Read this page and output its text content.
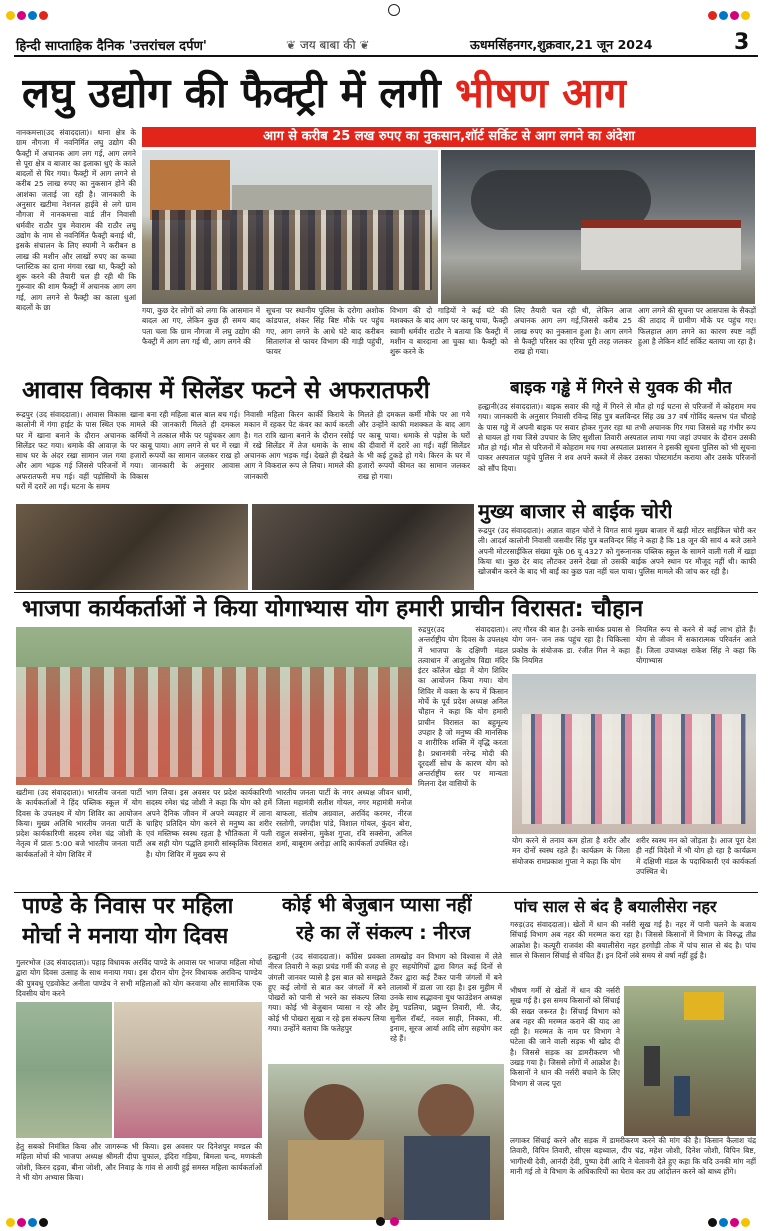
हिन्दी साप्ताहिक दैनिक 'उत्तरांचल दर्पण'	❦ जय बाबा की ❦	ऊधमसिंहनगर,शुक्रवार,21 जून 2024	3
लघु उद्योग की फैक्ट्री में लगी भीषण आग
आग से करीब 25 लख रुपए का नुकसान,शॉर्ट सर्किट से आग लगने का अंदेशा
नानकमत्ता(उद संवाददाता)। थाना क्षेत्र के ग्राम नौगजा में नवनिर्मित लघु उद्योग की फैक्ट्री में अचानक आग लग गई, आग लगने से पूरा क्षेत्र व बाजार का इलाका धुएं के काले बादलों से घिर गया। फैक्ट्री में आग लगने से करीब 25 लाख रुपए का नुकसान होने की आशंका जताई जा रही है। जानकारी के अनुसार खटीमा नेशनल हाईवे से लगे ग्राम नौगजा में नानकमत्ता वार्ड तीन निवासी धर्मवीर राठौर पुत्र मेवाराम की राठौर लघु उद्योग के नाम से नवनिर्मित फैक्ट्री बनाई थी, इसके संचालन के लिए स्यामी ने करीबन 8 लाख की मशीन और लाखों रुपए का कच्चा प्लास्टिक का दाना मंगवा रखा था, फैक्ट्री को शुरू करने की तैयारी चल ही रही थी कि गुरूवार की शाम फैक्ट्री में अचानक आग लग गई, आग लगने से फैक्ट्री का काला धुआं बादलों के छा	गया, कुछ देर लोगों को लगा कि आसमान में बादल आ गए, लेकिन कुछ ही समय बाद पता चला कि ग्राम नौगजा में लघु उद्योग की फैक्ट्री में आग लग गई थी, आग लगने की
सूचना पर स्थानीय पुलिस के दरोगा अशोक कांडपाल, शंकर सिंह बिष्ट मौके पर पहुंच गए, आग लगने के आधे घंटे बाद करीबन सितारगंज से फायर विभाग की गाड़ी पहुंची, फायर
विभाग की दो गाड़ियों ने कई घंटे की मशक्कत के बाद आग पर काबू पाया, फैक्ट्री स्वामी धर्मवीर राठौर ने बताया कि फैक्ट्री में मशीन व बारदाना आ चुका था। फैक्ट्री को शुरू करने के
लिए तैयारी चल रही थी, लेकिन आज अचानक आग लग गई,जिससे करीब 25 लाख रुपए का नुकसान हुआ है। आग लगने से फैक्ट्री परिसर का एरिया पूरी तरह जलकर राख हो गया।
आग लगने की सूचना पर आसपास के सैकड़ों की तादाद में ग्रामीण मौके पर पहुंच गए। फिलहाल आग लगने का कारण स्पष्ट नहीं हुआ है लेकिन शॉर्ट सर्किट बताया जा रहा है।
आवास विकास में सिलेंडर फटने से अफरातफरी
रूद्रपुर (उद संवाददाता)। आवास विकास कालोनी में गंगा हाईट के पास स्थित एक घर में खाना बनाने के दौरान अचानक सिलेंडर फट गया। धमाके की आवाज़ के साथ घर के अंदर रखा सामान जल गया और आग भड़क गई जिससे परिजनों में अफरातफरी मच गई। वहीं पड़ोसियों के घरों में दरारें आ गईं। घटना के समय
खाना बना रही महिला बाल बाल बच गई। मामले की जानकारी मिलते ही दमकल कर्मियों ने तत्काल मौके पर पहुंचकर आग पर काबू पाया। आग लगने से घर में रखा हजारों रूपयों का सामान जलकर राख हो गया। जानकारी के अनुसार आवास विकास
निवासी महिला किरन कार्की किराये के मकान में रहकर पेट कंवर का कार्य करती है। गत रात्रि खाना बनाने के दौरान रसोई में रखे सिलेंडर में तेज धमाके के साथ अचानक आग भड़क गई। देखते ही देखते आग ने विकराल रूप ले लिया। मामले की जानकारी
मिलते ही दमकल कर्मी मौके पर आ गये और उन्होंने काफी मशक्कत के बाद आग पर काबू पाया। धमाके से पड़ोस के घरों की दीवारों में दरारें आ गईं। वहीं सिलेंडर के भी कई टुकड़े हो गये। किरन के घर में हजारों रूपयों कीमत का सामान जलकर राख हो गया।
बाइक गड्ढे में गिरने से युवक की मौत
हल्द्वानी(उद संवाददाता)। बाइक सवार की गड्ढे में गिरने से मौत हो गई घटना से परिजनों में कोहराम मच गया। जानकारी के अनुसार निवासी रविन्द्र सिंह पुत्र बलविन्दर सिंह उम्र 37 वर्ष गोविंद बल्लभ पंत चौराहे के पास गड्ढे में अपनी बाइक पर सवार होकर गुजर रहा था तभी अचानक गिर गया जिससे वह गंभीर रूप से घायल हो गया जिसे उपचार के लिए सुशीला तिवारी अस्पताल लाया गया जहां उपचार के दौरान उसकी मौत हो गई। मौत से परिजनों में कोहराम मच गया अस्पताल प्रशासन ने इसकी सूचना पुलिस को भी सूचना पाकर अस्पताल पहुंचे पुलिस ने शव अपने कब्जे में लेकर उसका पोस्टमार्टम कराया और उसके परिजनों को सौंप दिया।
मुख्य बाजार से बाईक चोरी
रूद्रपुर (उद संवाददाता)। अज्ञात वाहन चोरों ने विगत सायं मुख्य बाजार में खड़ी मोटर साईकिल चोरी कर ली। आदर्श कालोनी निवासी जसवीर सिंह पुत्र बलविन्दर सिंह ने कहा है कि 18 जून की सायं 4 बजे उसने अपनी मोटरसाईकिल संख्या यूके 06 यू 4327 को गुरूनानक पब्लिक स्कूल के सामने वाली गली में खड़ा किया था। कुछ देर बाद लौटकर उसने देखा तो उसकी बाईक अपने स्थान पर मौजूद नहीं थी। काफी खोजबीन करने के बाद भी बाईं का कुछ पता नहीं चल पाया। पुलिस मामले की जांच कर रही है।
भाजपा कार्यकर्ताओं ने किया योगाभ्यास योग हमारी प्राचीन विरासत: चौहान
रुद्रपुर(उद संवाददाता)। अन्तर्राष्ट्रीय योग दिवस के उपलक्ष्य में भाजपा के दक्षिणी मंडल तत्वाधान में आशुतोष विद्या मंदिर इंटर कॉलेज खेड़ा में योग शिविर का आयोजन किया गया। योग शिविर में वक्ता के रूप में किसान मोर्चे के पूर्व प्रदेश अध्यक्ष अनिल चौहान ने कहा कि योग हमारी प्राचीन विरासत का बहुमूल्य उपहार है जो मनुष्य की मानसिक व शारीरिक शक्ति में वृद्धि करता है। प्रधानमंत्री नरेन्द्र मोदी की दूरदर्शी सोच के कारण योग को अन्तर्राष्ट्रीय स्तर पर मान्यता मिलना देश वासियों के
लए गौरव की बात है। उनके सार्थक प्रयास से योग जन- जन तक पहुंच रहा है। चिकित्सा प्रकोष्ठ के संयोजक डा. रंजीत गिल ने कहा कि नियमित
नियमित रूप से करने से कई लाभ होते हैं। योग से जीवन में सकारात्मक परिवर्तन आते हैं। जिला उपाध्यक्ष राकेश सिंह ने कहा कि योगाभ्यास
योग करने से तनाव कम होता है शरीर और मन दोनों स्वस्थ रहते हैं। कार्यक्रम के जिला संयोजक रामप्रकाश गुप्ता ने कहा कि योग
शरीर स्वस्थ मन को जोड़ता है। आज पूरा देश ही नहीं विदेशों में भी योग हो रहा है कार्यक्रम में दक्षिणी मंडल के पदाधिकारी एवं कार्यकर्ता उपस्थित थे।
खटीमा (उद संवाददाता)। भारतीय जनता पार्टी के कार्यकर्ताओं ने हिंद पब्लिक स्कूल में योग दिवस के उपलक्ष्य में योग शिविर का आयोजन किया। मुख्य अतिथि भारतीय जनता पार्टी के प्रदेश कार्यकारिणी सदस्य रमेश चंद्र जोशी के नेतृत्व में प्रातः 5:00 बजे भारतीय जनता पार्टी कार्यकर्ताओं ने योग शिविर में
भाग लिया। इस अवसर पर प्रदेश कार्यकारिणी सदस्य रमेश चंद्र जोशी ने कहा कि योग को हमें अपने दैनिक जीवन में अपने व्यवहार में लाना चाहिए प्रतिदिन योग करने से मनुष्य का शरीर एवं मस्तिष्क स्वस्थ रहता है भौतिकता में पली अब सही योग पद्धति हमारी सांस्कृतिक विरासत है। योग शिविर में मुख्य रूप से
भारतीय जनता पार्टी के नगर अध्यक्ष जीवन धामी, जिला महामंत्री सतीश गोयल, नगर महामंत्री मनोज बाफला, संतोष अग्रवाल, अरविंद करमर, नीरज रस्तोगी, जगदीश पांडे, विशाल गोयल, कुंदन बोरा, राहुल सक्सेना, मुकेश गुप्ता, रवि सक्सेना, अनिल शर्मा, बाबूराम अरोड़ा आदि कार्यकर्ता उपस्थित रहे।
पाण्डे के निवास पर महिला
मोर्चा ने मनाया योग दिवस
गुलरभोज (उद संवाददाता)। पहाड़ विधायक अरविंद पाण्डे के आवास पर भाजपा महिला मोर्चा द्वारा योग दिवस उत्साह के साथ मनाया गया। इस दौरान योग ट्रेनर विधायक अरविन्द पाण्डेय की पुत्रवधु एडवोकेट अनीता पाण्डेय ने सभी महिलाओं को योग करवाया और सामाजिक एक दिवसीय योग करने
हेतु सबको निमंत्रित किया और जागरूक भी किया। इस अवसर पर दिनेशपुर मण्डल की महिला मोर्चा की भाजपा अध्यक्ष श्रीमती दीपा चुफाल, इंदिरा गड़िया, बिमला चन्द, मणकंती जोशी, किरन दड़वा, बीना जोशी, और निवाड़ के गांव से आयी हुई समस्त महिला कार्यकर्ताओं ने भी योग अभ्यास किया।
कोई भी बेजुबान प्यासा नहीं
रहे का लें संकल्प : नीरज
हल्द्वानी (उद संवाददाता)। कॉंग्रेस प्रवक्ता नीरज तिवारी ने कहा प्रचंड गर्मी की वजह से जंगली जानवर प्यासे है इस बात को समझते हुए कई लोगों से बात कर जंगलों में बने पोखरों को पानी से भरने का संकल्प लिया गया। कोई भी बेजुबान प्यासा न रहे और कोई भी पोखरा सूखा न रहे इस संकल्प लिया गया। उन्होंने बताया कि फतेहपुर
तामखोड़ वन विभाग को विश्वास में लेते हुए सहयोगियों द्वारा विगत कई दिनों से टैंकर द्वारा कई टैंकर पानी जंगलों में बने तालाबों में डाला जा रहा है। इस मुहीम में उनके साथ सद्भावना यूथ फाउंडेशन अध्यक्ष हेमू पडलिया, प्रद्युम्न तिवारी, मी. जैद, सुनील रॉबर्ट, नवल साही, निक्का, मी. इनाम, सूरज आर्या आदि लोग सहयोग कर रहे हैं।
पांच साल से बंद है बयालीसेरा नहर
गरुड़(उद संवाददाता)। खेतों में धान की नर्सरी सूख गई है। नहर में पानी चलने के बजाय सिंचाई विभाग अब नहर की मरम्मत करा रहा है। जिससे किसानों में विभाग के विरुद्ध तीव्र आक्रोश है। कत्यूरी राजवंश की बयालीसेरा नहर हरगोड़ी तोक में पांच साल से बंद है। पांच साल से किसान सिंचाई से वंचित हैं। इन दिनों लंबे समय से वर्षा नहीं हुई है।
भीषण गर्मी से खेतों में धान की नर्सरी सूख गई है। इस समय किसानों को सिंचाई की सख्त जरूरत है। सिंचाई विभाग को अब नहर की मरम्मत कराने की याद आ रही है। मरम्मत के नाम पर विभाग ने घटेला की जाने वाली सड़क भी खोद दी है। जिससे सड़क का डामरीकरण भी उखड़ गया है। जिससे लोगों में आक्रोश है। किसानों ने धान की नर्सरी बचाने के लिए विभाग से जल्द पूरा
लगाकर सिंचाई करने और सड़क में डामरीकरण करने की मांग की है। किसान कैलाश चंद्र तिवारी, विपिन तिवारी, सीएस बड़थ्वाल, दीप चंद्र, महेश जोशी, दिनेश जोशी, विपिन बिष्ट, भागीरथी देवी, आनंदी देवी, पुष्पा देवी आदि ने चेतावनी देते हुए कहा कि यदि उनकी मांग नहीं मानी गई तो वे विभाग के अधिकारियों का घेराव कर उग्र आंदोलन करने को बाध्य होंगे।
